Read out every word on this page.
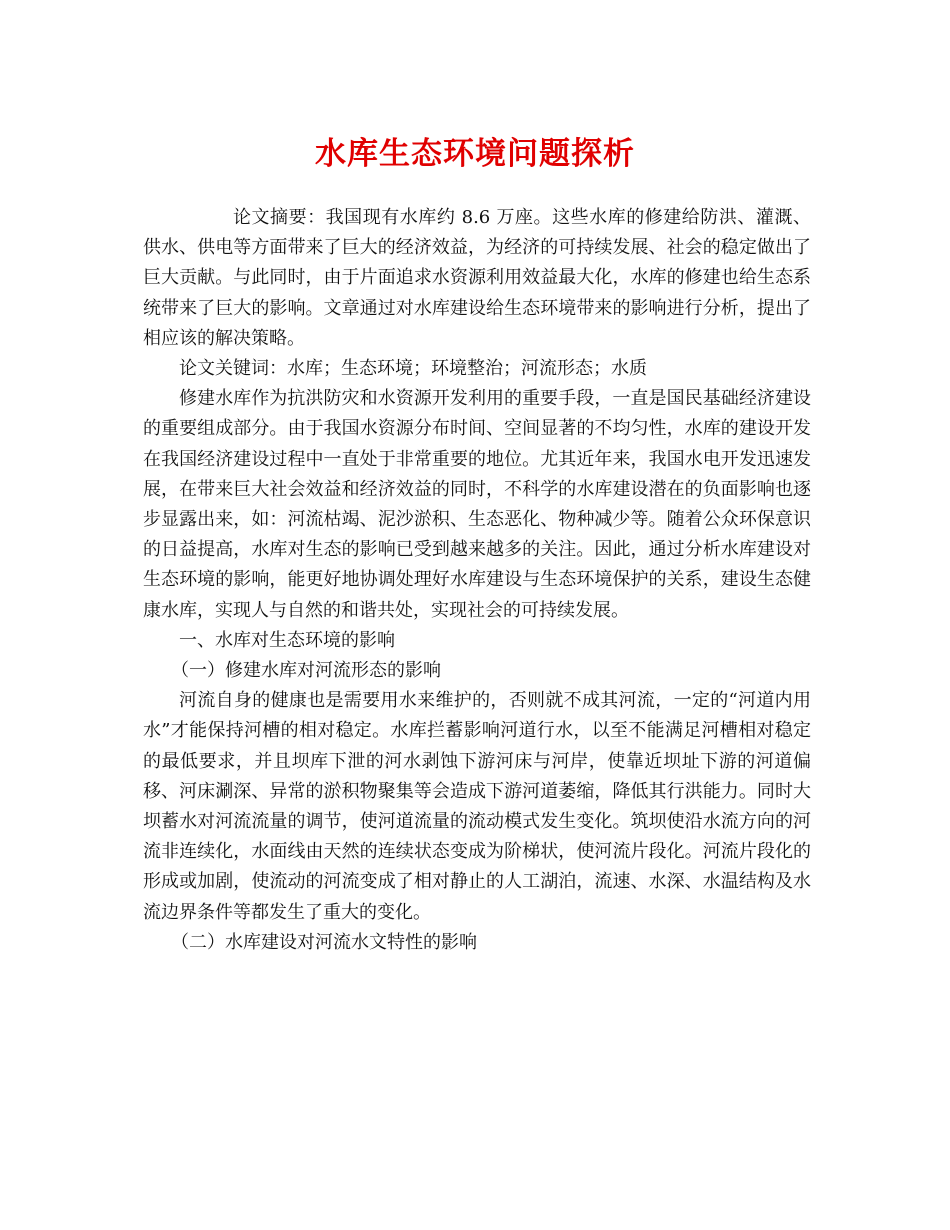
水库生态环境问题探析

论文摘要：我国现有水库约 8.6 万座。这些水库的修建给防洪、灌溉、供水、供电等方面带来了巨大的经济效益，为经济的可持续发展、社会的稳定做出了巨大贡献。与此同时，由于片面追求水资源利用效益最大化，水库的修建也给生态系统带来了巨大的影响。文章通过对水库建设给生态环境带来的影响进行分析，提出了相应该的解决策略。

论文关键词：水库；生态环境；环境整治；河流形态；水质

修建水库作为抗洪防灾和水资源开发利用的重要手段，一直是国民基础经济建设的重要组成部分。由于我国水资源分布时间、空间显著的不均匀性，水库的建设开发在我国经济建设过程中一直处于非常重要的地位。尤其近年来，我国水电开发迅速发展，在带来巨大社会效益和经济效益的同时，不科学的水库建设潜在的负面影响也逐步显露出来，如：河流枯竭、泥沙淤积、生态恶化、物种减少等。随着公众环保意识的日益提高，水库对生态的影响已受到越来越多的关注。因此，通过分析水库建设对生态环境的影响，能更好地协调处理好水库建设与生态环境保护的关系，建设生态健康水库，实现人与自然的和谐共处，实现社会的可持续发展。

一、水库对生态环境的影响

（一）修建水库对河流形态的影响

河流自身的健康也是需要用水来维护的，否则就不成其河流，一定的“河道内用水”才能保持河槽的相对稳定。水库拦蓄影响河道行水，以至不能满足河槽相对稳定的最低要求，并且坝库下泄的河水剥蚀下游河床与河岸，使靠近坝址下游的河道偏移、河床涮深、异常的淤积物聚集等会造成下游河道萎缩，降低其行洪能力。同时大坝蓄水对河流流量的调节，使河道流量的流动模式发生变化。筑坝使沿水流方向的河流非连续化，水面线由天然的连续状态变成为阶梯状，使河流片段化。河流片段化的形成或加剧，使流动的河流变成了相对静止的人工湖泊，流速、水深、水温结构及水流边界条件等都发生了重大的变化。

（二）水库建设对河流水文特性的影响
